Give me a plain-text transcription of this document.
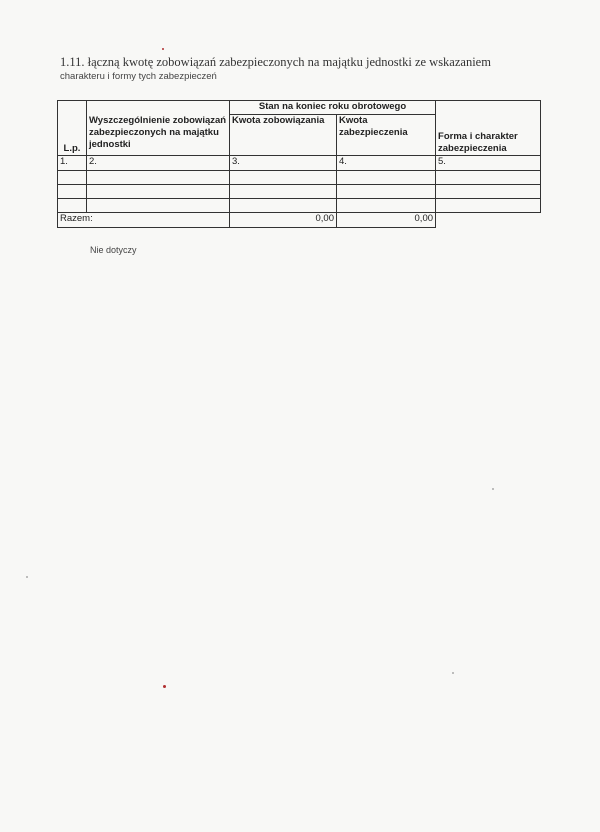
1.11. łączną kwotę zobowiązań zabezpieczonych na majątku jednostki ze wskazaniem
charakteru i formy tych zabezpieczeń
		Stan na koniec roku obrotowego		
L.p.	Wyszczególnienie zobowiązań zabezpieczonych na majątku jednostki	Kwota zobowiązania	Kwota zabezpieczenia	Forma i charakter zabezpieczenia
1.	2.	3.	4.	5.

Razem:		0,00	0,00	
Nie dotyczy
